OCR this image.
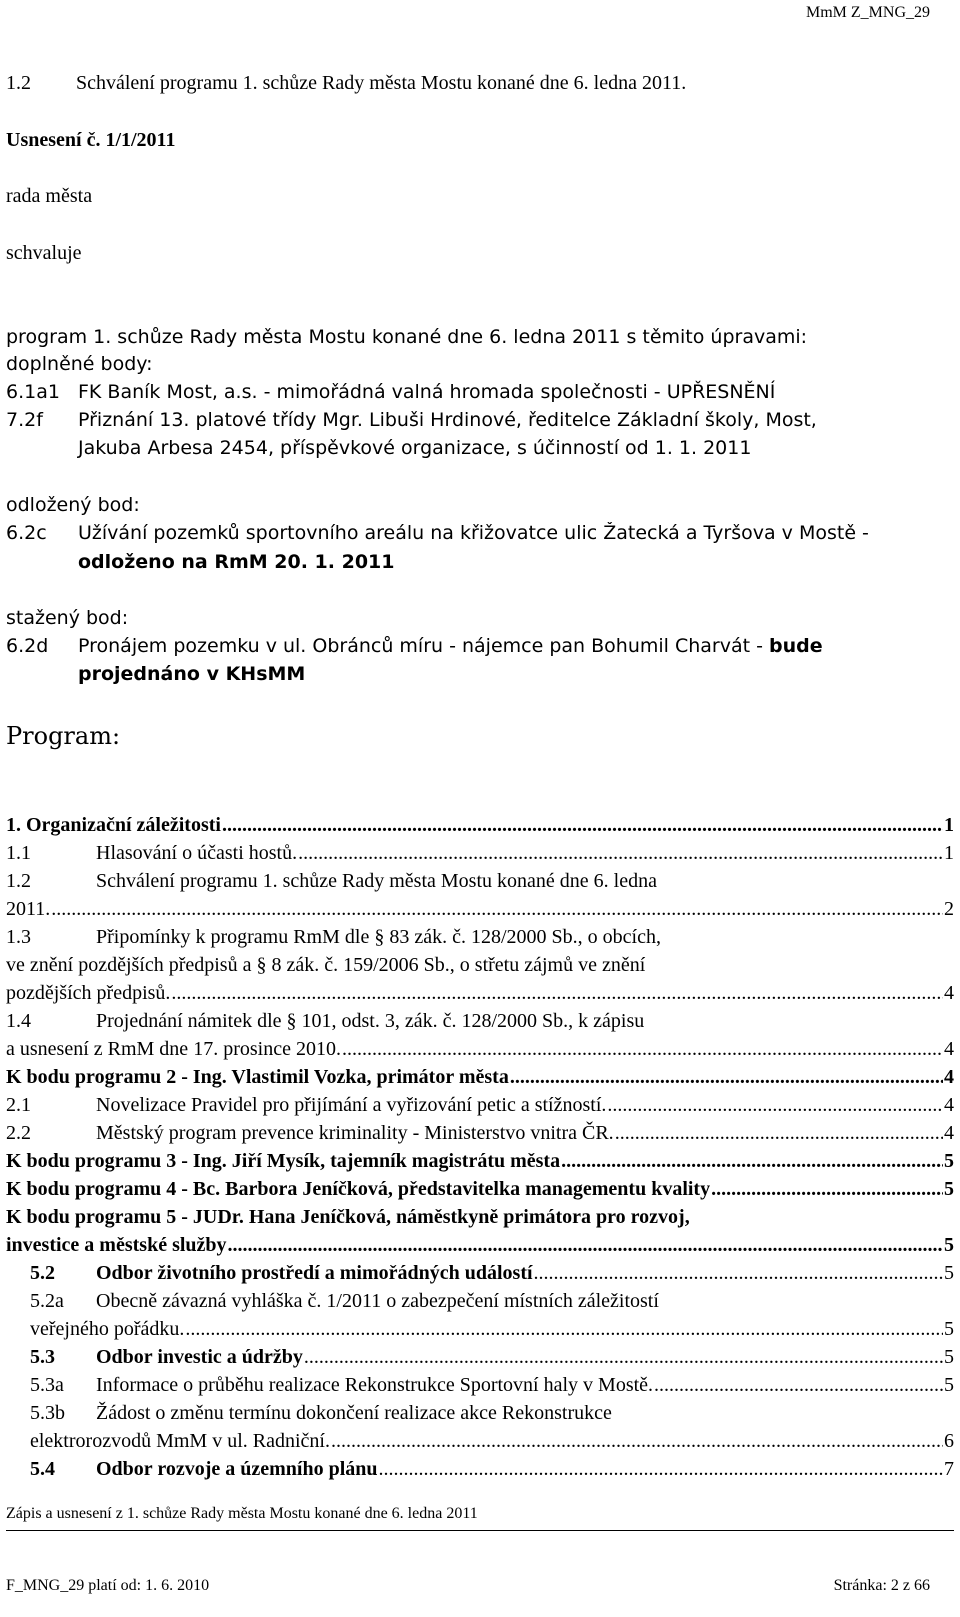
MmM Z_MNG_29
1.2 Schválení programu 1. schůze Rady města Mostu konané dne 6. ledna 2011.
Usnesení č. 1/1/2011
rada města
schvaluje
program 1. schůze Rady města Mostu konané dne 6. ledna 2011 s těmito úpravami:
doplněné body:
6.1a1 FK Baník Most, a.s. - mimořádná valná hromada společnosti - UPŘESNĚNÍ
7.2f Přiznání 13. platové třídy Mgr. Libuši Hrdinové, ředitelce Základní školy, Most,
Jakuba Arbesa 2454, příspěvkové organizace, s účinností od 1. 1. 2011
odložený bod:
6.2c Užívání pozemků sportovního areálu na křižovatce ulic Žatecká a Tyršova v Mostě -
odloženo na RmM 20. 1. 2011
stažený bod:
6.2d Pronájem pozemku v ul. Obránců míru - nájemce pan Bohumil Charvát - bude
projednáno v KHsMM
Program:
1. Organizační záležitosti .....	1
1.1	Hlasování o účasti hostů. .....	1
1.2	Schválení programu 1. schůze Rady města Mostu konané dne 6. ledna
2011. .....	2
1.3	Připomínky k programu RmM dle § 83 zák. č. 128/2000 Sb., o obcích,
ve znění pozdějších předpisů a § 8 zák. č. 159/2006 Sb., o střetu zájmů ve znění
pozdějších předpisů. .....	4
1.4	Projednání námitek dle § 101, odst. 3, zák. č. 128/2000 Sb., k zápisu
a usnesení z RmM dne 17. prosince 2010. .....	4
K bodu programu 2 - Ing. Vlastimil Vozka, primátor města .....	4
2.1	Novelizace Pravidel pro přijímání a vyřizování petic a stížností. .....	4
2.2	Městský program prevence kriminality - Ministerstvo vnitra ČR. .....	4
K bodu programu 3 - Ing. Jiří Mysík, tajemník magistrátu města .....	5
K bodu programu 4 - Bc. Barbora Jeníčková, představitelka managementu kvality .....	5
K bodu programu 5 - JUDr. Hana Jeníčková, náměstkyně primátora pro rozvoj,
investice a městské služby .....	5
5.2	Odbor životního prostředí a mimořádných událostí .....	5
5.2a	Obecně závazná vyhláška č. 1/2011 o zabezpečení místních záležitostí
veřejného pořádku. .....	5
5.3	Odbor investic a údržby .....	5
5.3a	Informace o průběhu realizace Rekonstrukce Sportovní haly v Mostě. .....	5
5.3b	Žádost o změnu termínu dokončení realizace akce Rekonstrukce
elektrorozvodů MmM v ul. Radniční. .....	6
5.4	Odbor rozvoje a územního plánu .....	7
Zápis a usnesení z 1. schůze Rady města Mostu konané dne 6. ledna 2011
F_MNG_29 platí od: 1. 6. 2010	Stránka: 2 z 66
